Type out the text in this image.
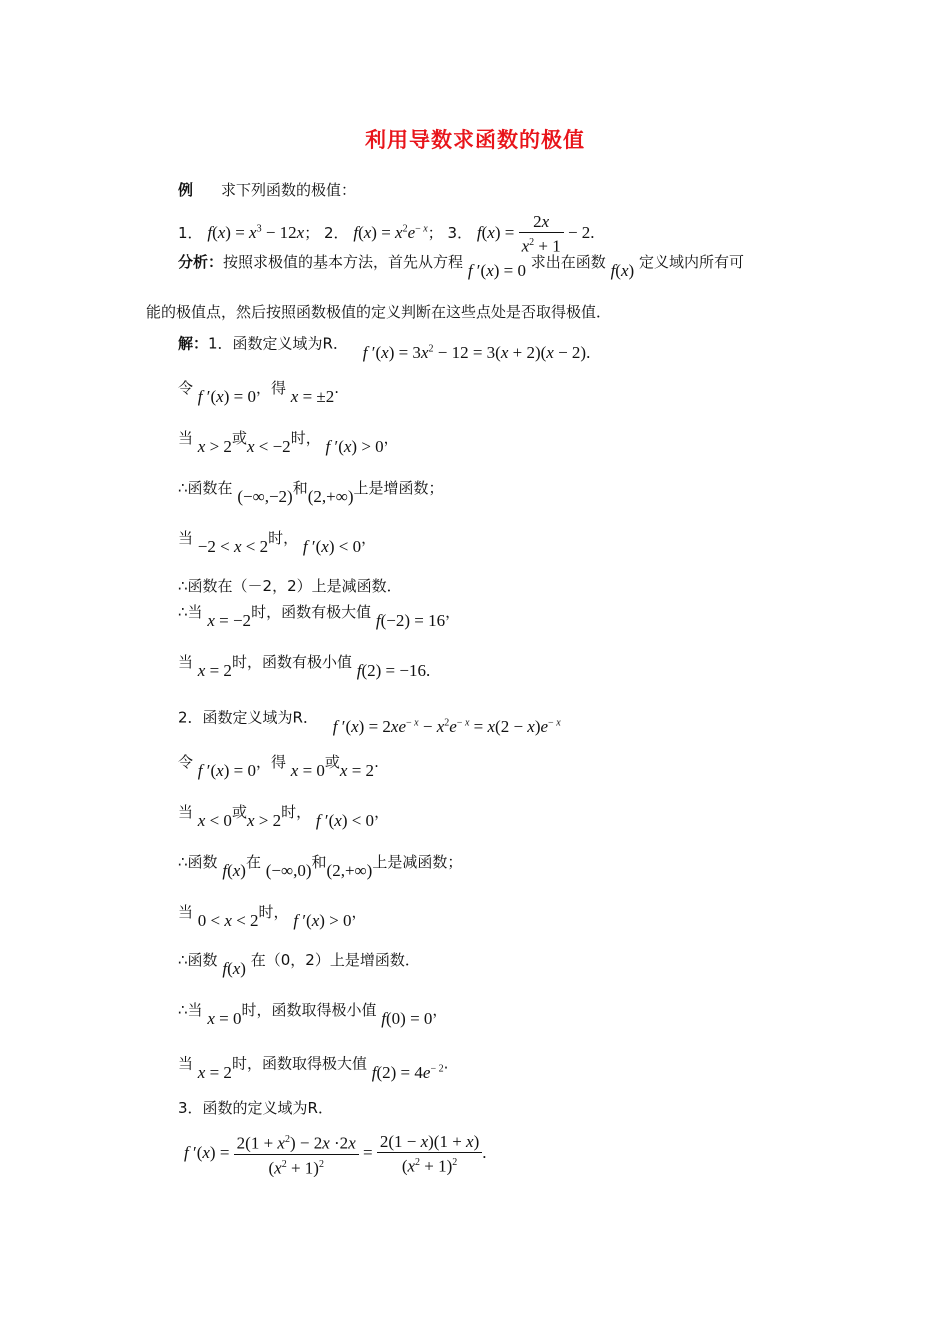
利用导数求函数的极值
例 求下列函数的极值：
1． $f(x) = x^3 - 12x$； 2． $f(x) = x^2e^{- x}$； 3． $f(x) = \frac{2x}{x^2 + 1} - 2$.
分析：按照求极值的基本方法，首先从方程 f ′(x) = 0 求出在函数 f(x) 定义域内所有可
能的极值点，然后按照函数极值的定义判断在这些点处是否取得极值．
解：1．函数定义域为R． f $'(x) = 3x^2 - 12 = 3(x + 2)(x - 2)$.
令 f ′(x) = 0，得 x = ±2.
当 x > 2或x < −2时， f ′(x) > 0，
∴函数在 (−∞,−2)和(2,+∞)上是增函数；
当 −2 < x < 2时， f ′(x) < 0，
∴函数在（－2，2）上是减函数．
∴当 x = −2时，函数有极大值 f(−2) = 16，
当 x = 2时，函数有极小值 f(2) = −16.
2．函数定义域为R． f $'(x) = 2xe^{- x} - x^2e^{- x} = x(2 - x)e^{- x}$
令 f ′(x) = 0，得 x = 0或x = 2.
当 x < 0或x > 2时， f ′(x) < 0，
∴函数 f(x)在 (−∞,0)和(2,+∞)上是减函数；
当 0 < x < 2时， f ′(x) > 0，
∴函数 f(x) 在（0，2）上是增函数．
∴当 x = 0时，函数取得极小值 f(0) = 0，
当 x = 2时，函数取得极大值 $f(2) = 4e^{- 2}$.
3．函数的定义域为R．
f $'(x) = \frac{2(1 + x^2) - 2x \cdot 2x}{(x^2 + 1)^2} = \frac{2(1 - x)(1 + x)}{(x^2 + 1)^2}$ .
